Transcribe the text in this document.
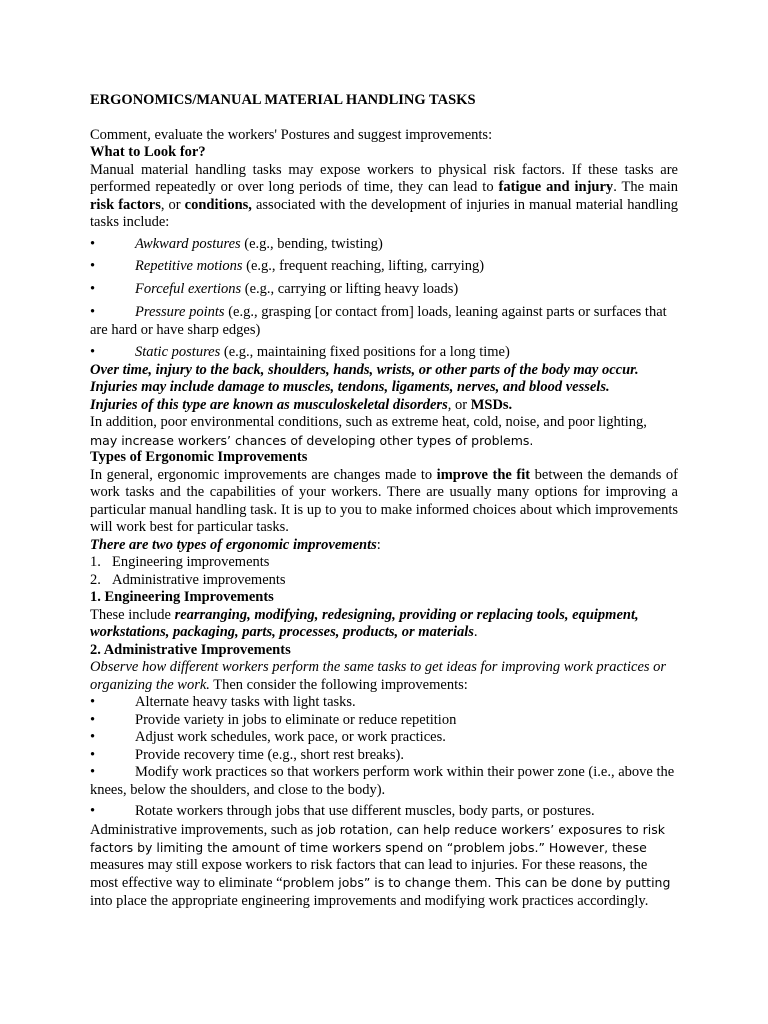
ERGONOMICS/MANUAL MATERIAL HANDLING TASKS

Comment, evaluate the workers' Postures and suggest improvements:

What to Look for?

Manual material handling tasks may expose workers to physical risk factors. If these tasks are performed repeatedly or over long periods of time, they can lead to fatigue and injury. The main risk factors, or conditions, associated with the development of injuries in manual material handling tasks include:

•	Awkward postures (e.g., bending, twisting)

•	Repetitive motions (e.g., frequent reaching, lifting, carrying)

•	Forceful exertions (e.g., carrying or lifting heavy loads)

•	Pressure points (e.g., grasping [or contact from] loads, leaning against parts or surfaces that are hard or have sharp edges)

•	Static postures (e.g., maintaining fixed positions for a long time)

Over time, injury to the back, shoulders, hands, wrists, or other parts of the body may occur.

Injuries may include damage to muscles, tendons, ligaments, nerves, and blood vessels.

Injuries of this type are known as musculoskeletal disorders, or MSDs.

In addition, poor environmental conditions, such as extreme heat, cold, noise, and poor lighting,

may increase workers’ chances of developing other types of problems.

Types of Ergonomic Improvements

In general, ergonomic improvements are changes made to improve the fit between the demands of work tasks and the capabilities of your workers. There are usually many options for improving a particular manual handling task. It is up to you to make informed choices about which improvements will work best for particular tasks.

There are two types of ergonomic improvements:

1. Engineering improvements

2. Administrative improvements

1. Engineering Improvements

These include rearranging, modifying, redesigning, providing or replacing tools, equipment, workstations, packaging, parts, processes, products, or materials.

2. Administrative Improvements

Observe how different workers perform the same tasks to get ideas for improving work practices or organizing the work. Then consider the following improvements:

•	Alternate heavy tasks with light tasks.

•	Provide variety in jobs to eliminate or reduce repetition

•	Adjust work schedules, work pace, or work practices.

•	Provide recovery time (e.g., short rest breaks).

•	Modify work practices so that workers perform work within their power zone (i.e., above the knees, below the shoulders, and close to the body).

•	Rotate workers through jobs that use different muscles, body parts, or postures.

Administrative improvements, such as job rotation, can help reduce workers’ exposures to risk

factors by limiting the amount of time workers spend on “problem jobs.” However, these

measures may still expose workers to risk factors that can lead to injuries. For these reasons, the

most effective way to eliminate “problem jobs” is to change them. This can be done by putting

into place the appropriate engineering improvements and modifying work practices accordingly.
